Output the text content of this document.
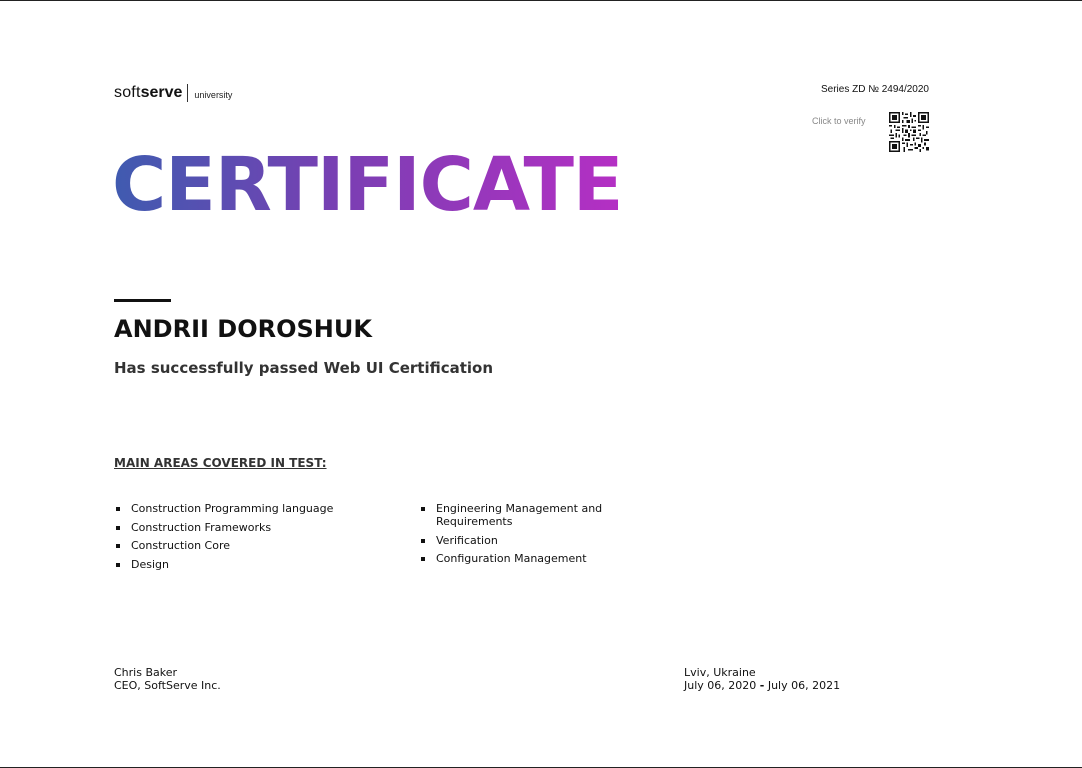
soft serve university	Series ZD № 2494/2020
Click to verify
CERTIFICATE
ANDRII DOROSHUK
Has successfully passed Web UI Certification
MAIN AREAS COVERED IN TEST:
Construction Programming language
Construction Frameworks
Construction Core
Design
Engineering Management and Requirements
Verification
Configuration Management
Chris Baker
CEO, SoftServe Inc.
Lviv, Ukraine
July 06, 2020 - July 06, 2021
